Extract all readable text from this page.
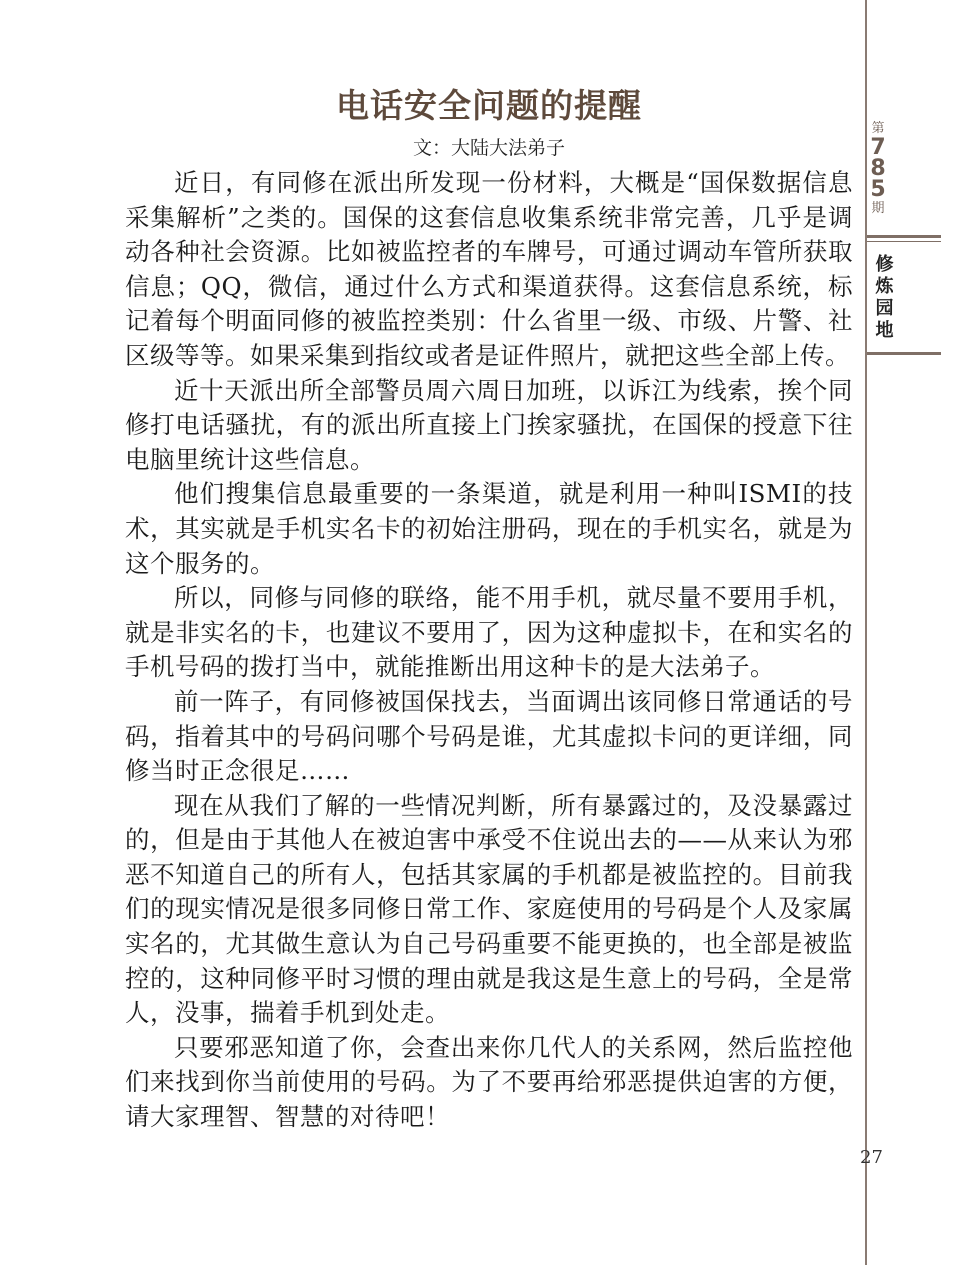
电话安全问题的提醒
文：大陆大法弟子

近日，有同修在派出所发现一份材料，大概是“国保数据信息采集解析”之类的。国保的这套信息收集系统非常完善，几乎是调动各种社会资源。比如被监控者的车牌号，可通过调动车管所获取信息；QQ，微信，通过什么方式和渠道获得。这套信息系统，标记着每个明面同修的被监控类别：什么省里一级、市级、片警、社区级等等。如果采集到指纹或者是证件照片，就把这些全部上传。

近十天派出所全部警员周六周日加班，以诉江为线索，挨个同修打电话骚扰，有的派出所直接上门挨家骚扰，在国保的授意下往电脑里统计这些信息。

他们搜集信息最重要的一条渠道，就是利用一种叫ISMI的技术，其实就是手机实名卡的初始注册码，现在的手机实名，就是为这个服务的。

所以，同修与同修的联络，能不用手机，就尽量不要用手机，就是非实名的卡，也建议不要用了，因为这种虚拟卡，在和实名的手机号码的拨打当中，就能推断出用这种卡的是大法弟子。

前一阵子，有同修被国保找去，当面调出该同修日常通话的号码，指着其中的号码问哪个号码是谁，尤其虚拟卡问的更详细，同修当时正念很足……

现在从我们了解的一些情况判断，所有暴露过的，及没暴露过的，但是由于其他人在被迫害中承受不住说出去的——从来认为邪恶不知道自己的所有人，包括其家属的手机都是被监控的。目前我们的现实情况是很多同修日常工作、家庭使用的号码是个人及家属实名的，尤其做生意认为自己号码重要不能更换的，也全部是被监控的，这种同修平时习惯的理由就是我这是生意上的号码，全是常人，没事，揣着手机到处走。

只要邪恶知道了你，会查出来你几代人的关系网，然后监控他们来找到你当前使用的号码。为了不要再给邪恶提供迫害的方便，请大家理智、智慧的对待吧！

第
7
8
5
期
修
炼
园
地
27
